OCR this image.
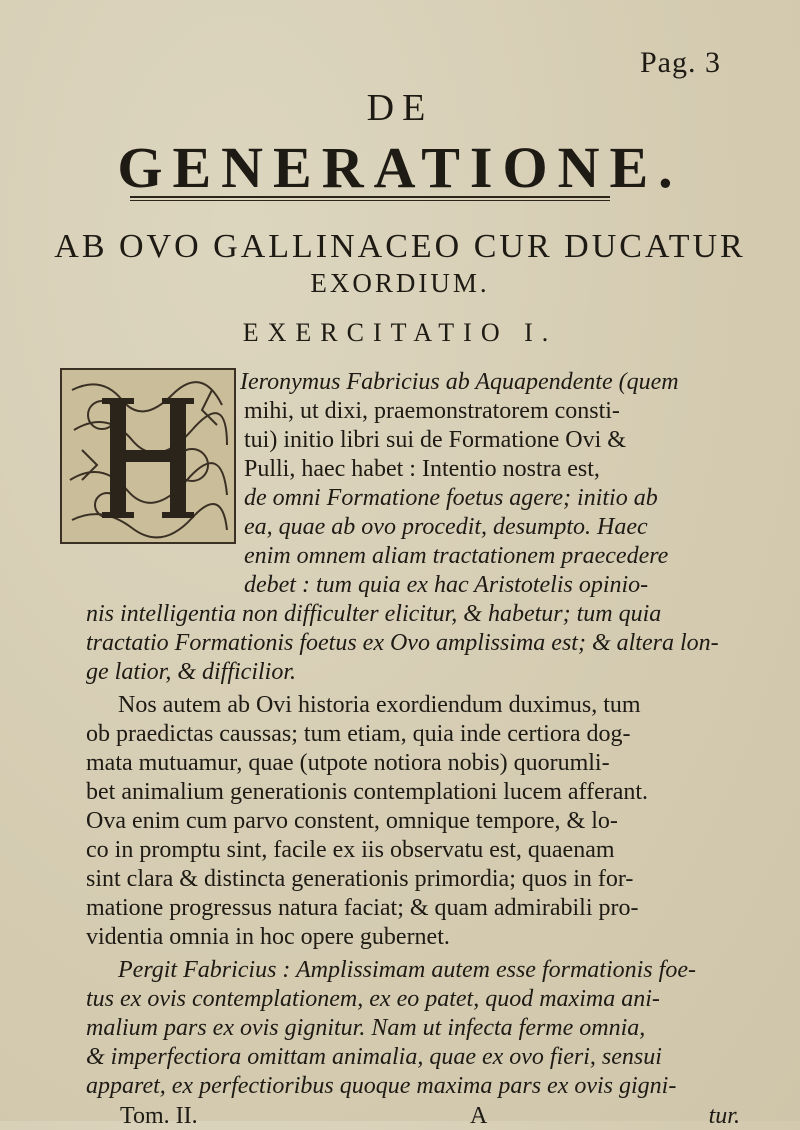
Pag. 3
DE
GENERATIONE.
AB OVO GALLINACEO CUR DUCATUR
EXORDIUM.
EXERCITATIO I.
Ieronymus Fabricius ab Aquapendente (quem
mihi, ut dixi, praemonstratorem consti-
tui) initio libri sui de Formatione Ovi &
Pulli, haec habet : Intentio nostra est,
de omni Formatione foetus agere; initio ab
ea, quae ab ovo procedit, desumpto. Haec
enim omnem aliam tractationem praecedere
debet : tum quia ex hac Aristotelis opinio-
nis intelligentia non difficulter elicitur, & habetur; tum quia
tractatio Formationis foetus ex Ovo amplissima est; & altera lon-
ge latior, & difficilior.
Nos autem ab Ovi historia exordiendum duximus, tum
ob praedictas caussas; tum etiam, quia inde certiora dog-
mata mutuamur, quae (utpote notiora nobis) quorumli-
bet animalium generationis contemplationi lucem afferant.
Ova enim cum parvo constent, omnique tempore, & lo-
co in promptu sint, facile ex iis observatu est, quaenam
sint clara & distincta generationis primordia; quos in for-
matione progressus natura faciat; & quam admirabili pro-
videntia omnia in hoc opere gubernet.
Pergit Fabricius : Amplissimam autem esse formationis foe-
tus ex ovis contemplationem, ex eo patet, quod maxima ani-
malium pars ex ovis gignitur. Nam ut infecta ferme omnia,
& imperfectiora omittam animalia, quae ex ovo fieri, sensui
apparet, ex perfectioribus quoque maxima pars ex ovis gigni-
Tom. II.	A	tur.
